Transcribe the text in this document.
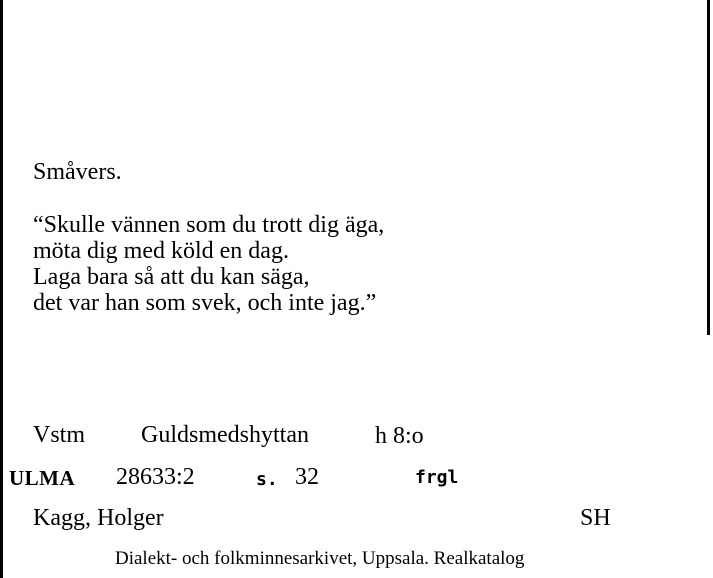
Småvers.
“Skulle vännen som du trott dig äga,
möta dig med köld en dag.
Laga bara så att du kan säga,
det var han som svek, och inte jag.”
Vstm Guldsmedshyttan	h 8:o
ULMA 28633:2	s. 32	frgl
Kagg, Holger	SH
Dialekt- och folkminnesarkivet, Uppsala. Realkatalog
